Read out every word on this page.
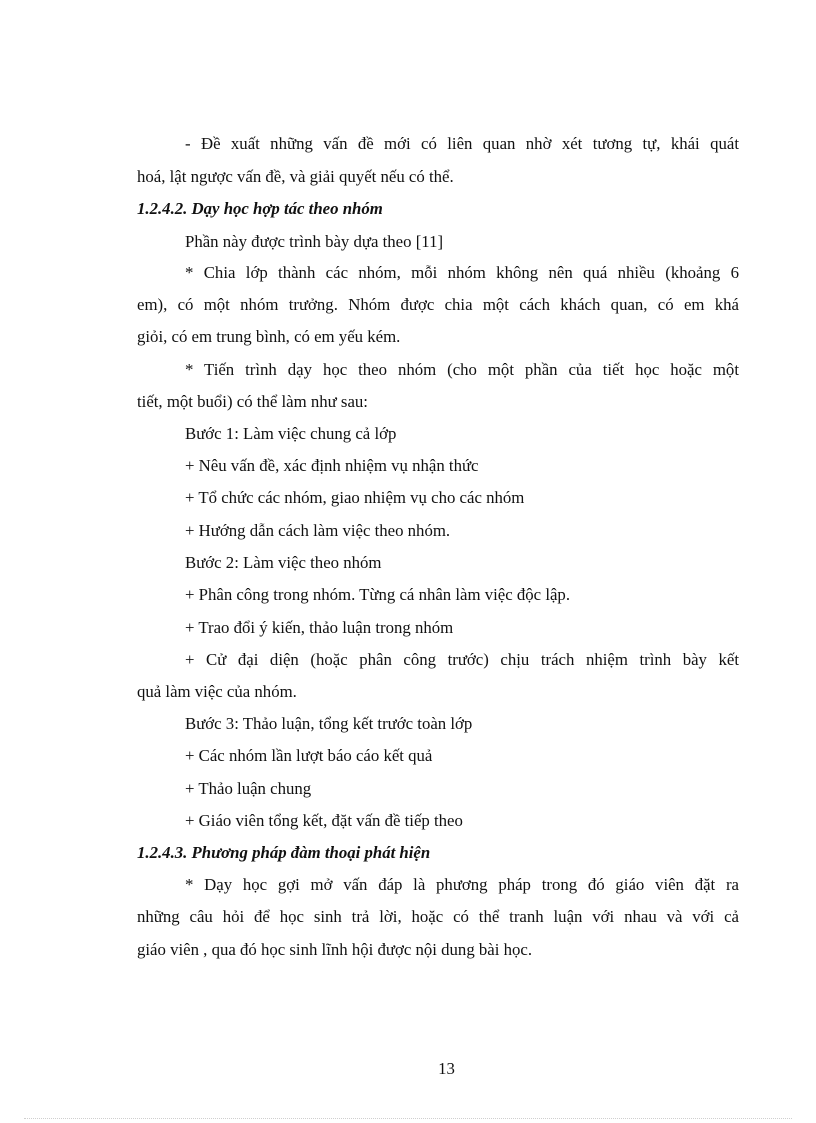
- Đề xuất những vấn đề mới có liên quan nhờ xét tương tự, khái quát
hoá, lật ngược vấn đề, và giải quyết nếu có thể.
1.2.4.2. Dạy học hợp tác theo nhóm
Phần này được trình bày dựa theo [11]
* Chia lớp thành các nhóm, mỗi nhóm không nên quá nhiều (khoảng 6
em), có một nhóm trưởng. Nhóm được chia một cách khách quan, có em khá
giỏi, có em trung bình, có em yếu kém.
* Tiến trình dạy học theo nhóm (cho một phần của tiết học hoặc một
tiết, một buổi) có thể làm như sau:
Bước 1: Làm việc chung cả lớp
+ Nêu vấn đề, xác định nhiệm vụ nhận thức
+ Tổ chức các nhóm, giao nhiệm vụ cho các nhóm
+ Hướng dẫn cách làm việc theo nhóm.
Bước 2: Làm việc theo nhóm
+ Phân công trong nhóm. Từng cá nhân làm việc độc lập.
+ Trao đổi ý kiến, thảo luận trong nhóm
+ Cử đại diện (hoặc phân công trước) chịu trách nhiệm trình bày kết
quả làm việc của nhóm.
Bước 3: Thảo luận, tổng kết trước toàn lớp
+ Các nhóm lần lượt báo cáo kết quả
+ Thảo luận chung
+ Giáo viên tổng kết, đặt vấn đề tiếp theo
1.2.4.3. Phương pháp đàm thoại phát hiện
* Dạy học gợi mở vấn đáp là phương pháp trong đó giáo viên đặt ra
những câu hỏi để học sinh trả lời, hoặc có thể tranh luận với nhau và với cả
giáo viên , qua đó học sinh lĩnh hội được nội dung bài học.
13
